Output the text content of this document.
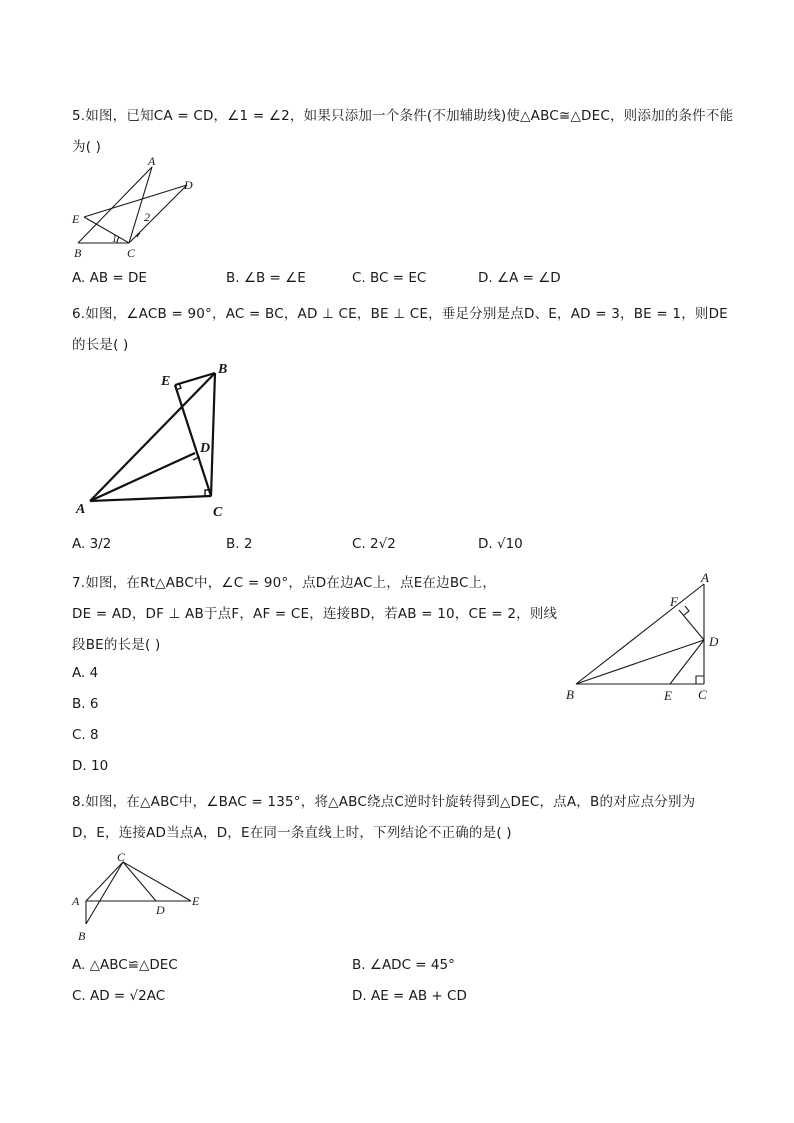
5.如图，已知CA = CD，∠1 = ∠2，如果只添加一个条件(不加辅助线)使△ABC≅△DEC，则添加的条件不能
为( )
A
D
E
B	C
1
2
A. AB = DE	B. ∠B = ∠E	C. BC = EC	D. ∠A = ∠D
6.如图，∠ACB = 90°，AC = BC，AD ⊥ CE，BE ⊥ CE，垂足分别是点D、E，AD = 3，BE = 1，则DE
的长是( )
E
B
D
A	C
A. 3/2	B. 2	C. 2√2	D. √10
7.如图，在Rt△ABC中，∠C = 90°，点D在边AC上，点E在边BC上，
DE = AD，DF ⊥ AB于点F，AF = CE，连接BD，若AB = 10，CE = 2，则线
段BE的长是( )
A
F
D
B	E C
A. 4
B. 6
C. 8
D. 10
8.如图，在△ABC中，∠BAC = 135°，将△ABC绕点C逆时针旋转得到△DEC，点A，B的对应点分别为
D，E，连接AD当点A，D，E在同一条直线上时，下列结论不正确的是( )
C
A
D
E
B
A. △ABC≌△DEC	B. ∠ADC = 45°
C. AD = √2AC	D. AE = AB + CD
